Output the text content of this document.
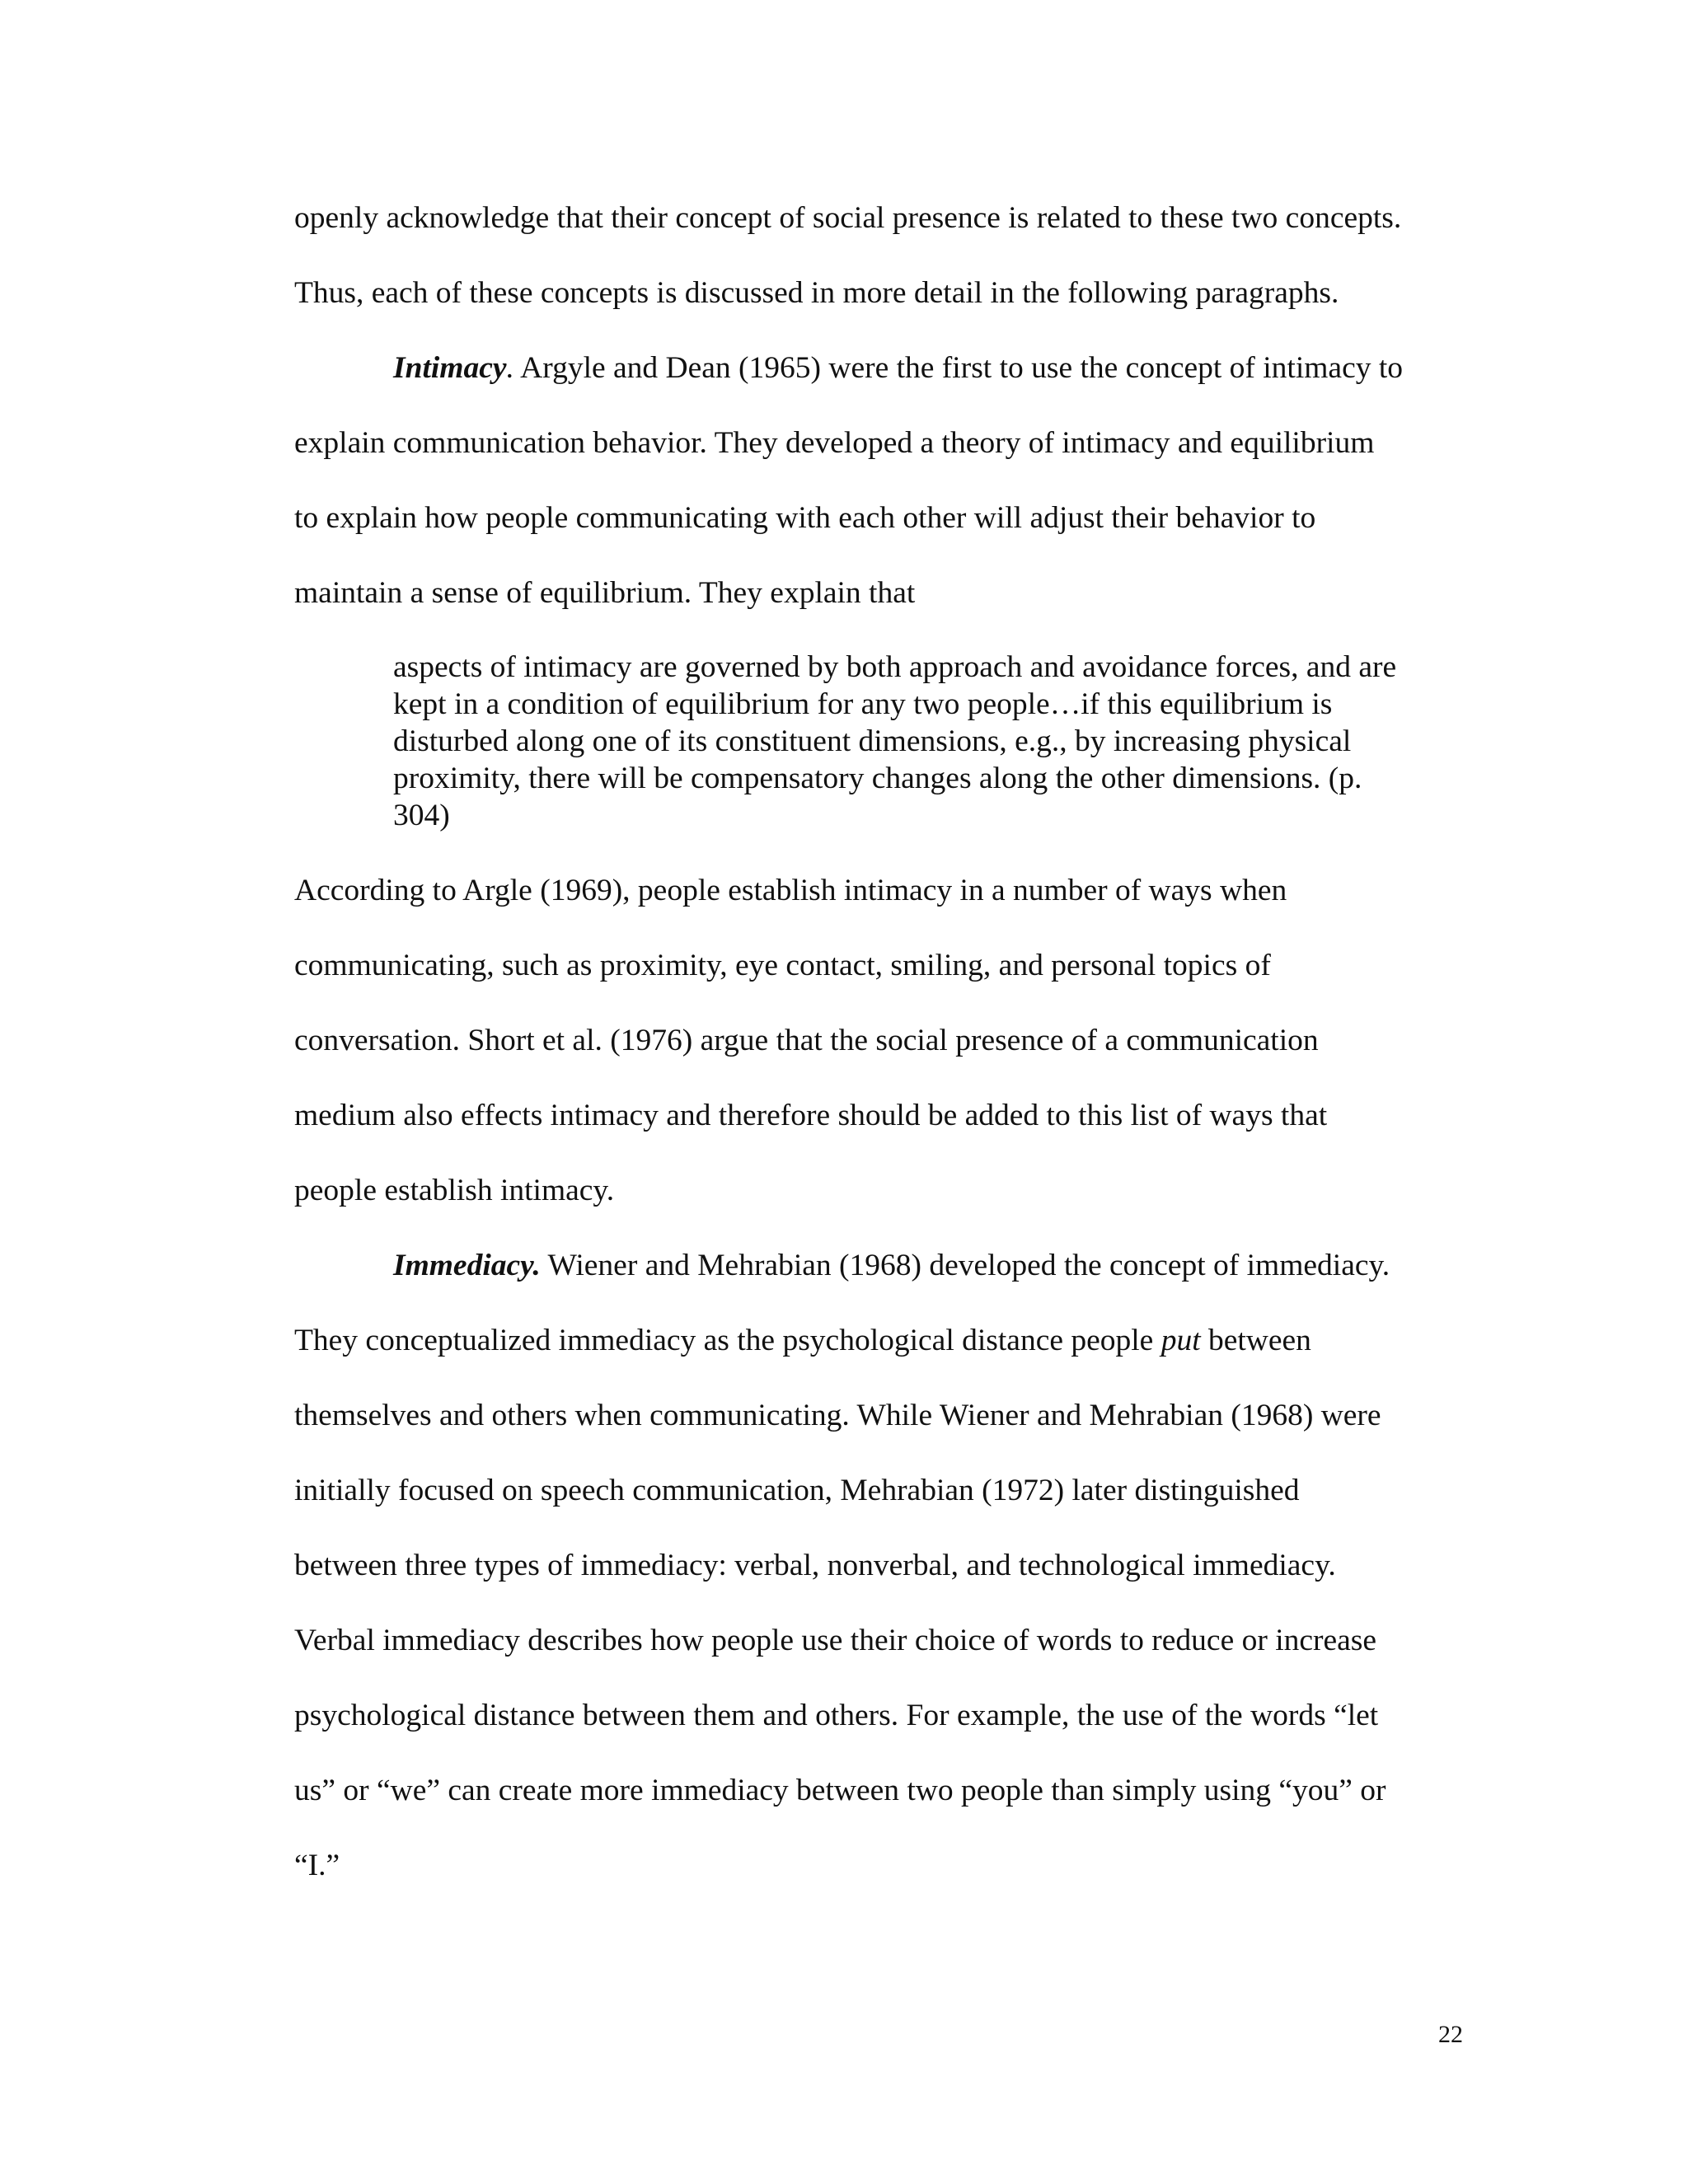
openly acknowledge that their concept of social presence is related to these two concepts.
Thus, each of these concepts is discussed in more detail in the following paragraphs.
Intimacy. Argyle and Dean (1965) were the first to use the concept of intimacy to
explain communication behavior. They developed a theory of intimacy and equilibrium
to explain how people communicating with each other will adjust their behavior to
maintain a sense of equilibrium. They explain that
aspects of intimacy are governed by both approach and avoidance forces, and are
kept in a condition of equilibrium for any two people…if this equilibrium is
disturbed along one of its constituent dimensions, e.g., by increasing physical
proximity, there will be compensatory changes along the other dimensions. (p.
304)
According to Argle (1969), people establish intimacy in a number of ways when
communicating, such as proximity, eye contact, smiling, and personal topics of
conversation. Short et al. (1976) argue that the social presence of a communication
medium also effects intimacy and therefore should be added to this list of ways that
people establish intimacy.
Immediacy. Wiener and Mehrabian (1968) developed the concept of immediacy.
They conceptualized immediacy as the psychological distance people put between
themselves and others when communicating. While Wiener and Mehrabian (1968) were
initially focused on speech communication, Mehrabian (1972) later distinguished
between three types of immediacy: verbal, nonverbal, and technological immediacy.
Verbal immediacy describes how people use their choice of words to reduce or increase
psychological distance between them and others. For example, the use of the words “let
us” or “we” can create more immediacy between two people than simply using “you” or
“I.”
22
